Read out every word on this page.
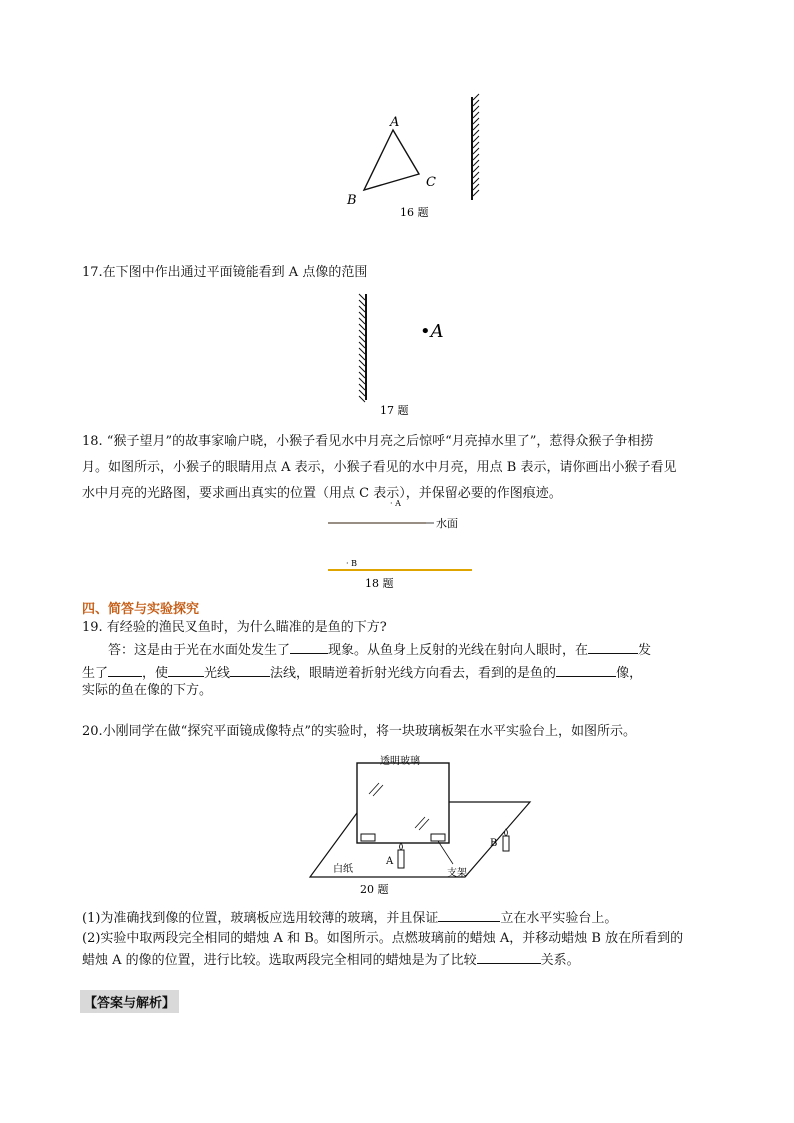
A
B
C
16 题
17.在下图中作出通过平面镜能看到 A 点像的范围
•A
17 题
18. “猴子望月”的故事家喻户晓，小猴子看见水中月亮之后惊呼“月亮掉水里了”，惹得众猴子争相捞
月。如图所示，小猴子的眼睛用点 A 表示，小猴子看见的水中月亮，用点 B 表示，请你画出小猴子看见
水中月亮的光路图，要求画出真实的位置（用点 C 表示），并保留必要的作图痕迹。
· A
水面
· B
18 题
四、简答与实验探究
19. 有经验的渔民叉鱼时，为什么瞄准的是鱼的下方?
答：这是由于光在水面处发生了	现象。从鱼身上反射的光线在射向人眼时，在	发
生了	，使	光线	法线，眼睛逆着折射光线方向看去，看到的是鱼的	像，
实际的鱼在像的下方。
20.小刚同学在做“探究平面镜成像特点”的实验时，将一块玻璃板架在水平实验台上，如图所示。
透明玻璃
A
B
白纸	支架
20 题
(1)为准确找到像的位置，玻璃板应选用较薄的玻璃，并且保证	立在水平实验台上。
(2)实验中取两段完全相同的蜡烛 A 和 B。如图所示。点燃玻璃前的蜡烛 A，并移动蜡烛 B 放在所看到的
蜡烛 A 的像的位置，进行比较。选取两段完全相同的蜡烛是为了比较	关系。
【答案与解析】
